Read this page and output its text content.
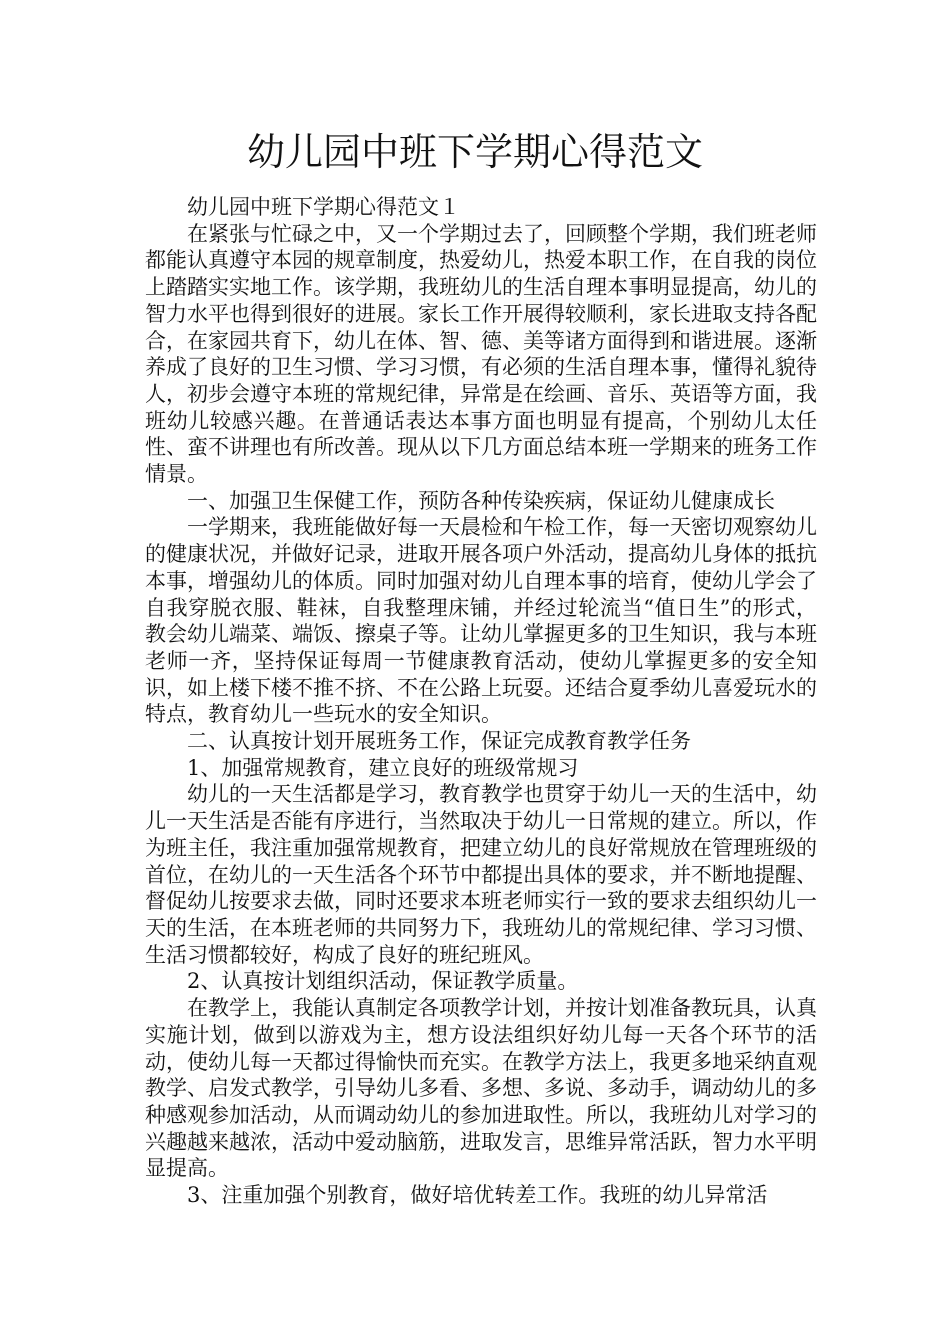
幼儿园中班下学期心得范文

幼儿园中班下学期心得范文１

在紧张与忙碌之中，又一个学期过去了，回顾整个学期，我们班老师都能认真遵守本园的规章制度，热爱幼儿，热爱本职工作，在自我的岗位上踏踏实实地工作。该学期，我班幼儿的生活自理本事明显提高，幼儿的智力水平也得到很好的进展。家长工作开展得较顺利，家长进取支持各配合，在家园共育下，幼儿在体、智、德、美等诸方面得到和谐进展。逐渐养成了良好的卫生习惯、学习习惯，有必须的生活自理本事，懂得礼貌待人，初步会遵守本班的常规纪律，异常是在绘画、音乐、英语等方面，我班幼儿较感兴趣。在普通话表达本事方面也明显有提高，个别幼儿太任性、蛮不讲理也有所改善。现从以下几方面总结本班一学期来的班务工作情景。

一、加强卫生保健工作，预防各种传染疾病，保证幼儿健康成长

一学期来，我班能做好每一天晨检和午检工作，每一天密切观察幼儿的健康状况，并做好记录，进取开展各项户外活动，提高幼儿身体的抵抗本事，增强幼儿的体质。同时加强对幼儿自理本事的培育，使幼儿学会了自我穿脱衣服、鞋袜，自我整理床铺，并经过轮流当“值日生”的形式，教会幼儿端菜、端饭、擦桌子等。让幼儿掌握更多的卫生知识，我与本班老师一齐，坚持保证每周一节健康教育活动，使幼儿掌握更多的安全知识，如上楼下楼不推不挤、不在公路上玩耍。还结合夏季幼儿喜爱玩水的特点，教育幼儿一些玩水的安全知识。

二、认真按计划开展班务工作，保证完成教育教学任务

1、加强常规教育，建立良好的班级常规习

幼儿的一天生活都是学习，教育教学也贯穿于幼儿一天的生活中，幼儿一天生活是否能有序进行，当然取决于幼儿一日常规的建立。所以，作为班主任，我注重加强常规教育，把建立幼儿的良好常规放在管理班级的首位，在幼儿的一天生活各个环节中都提出具体的要求，并不断地提醒、督促幼儿按要求去做，同时还要求本班老师实行一致的要求去组织幼儿一天的生活，在本班老师的共同努力下，我班幼儿的常规纪律、学习习惯、生活习惯都较好，构成了良好的班纪班风。

2、认真按计划组织活动，保证教学质量。

在教学上，我能认真制定各项教学计划，并按计划准备教玩具，认真实施计划，做到以游戏为主，想方设法组织好幼儿每一天各个环节的活动，使幼儿每一天都过得愉快而充实。在教学方法上，我更多地采纳直观教学、启发式教学，引导幼儿多看、多想、多说、多动手，调动幼儿的多种感观参加活动，从而调动幼儿的参加进取性。所以，我班幼儿对学习的兴趣越来越浓，活动中爱动脑筋，进取发言，思维异常活跃，智力水平明显提高。

3、注重加强个别教育，做好培优转差工作。我班的幼儿异常活
